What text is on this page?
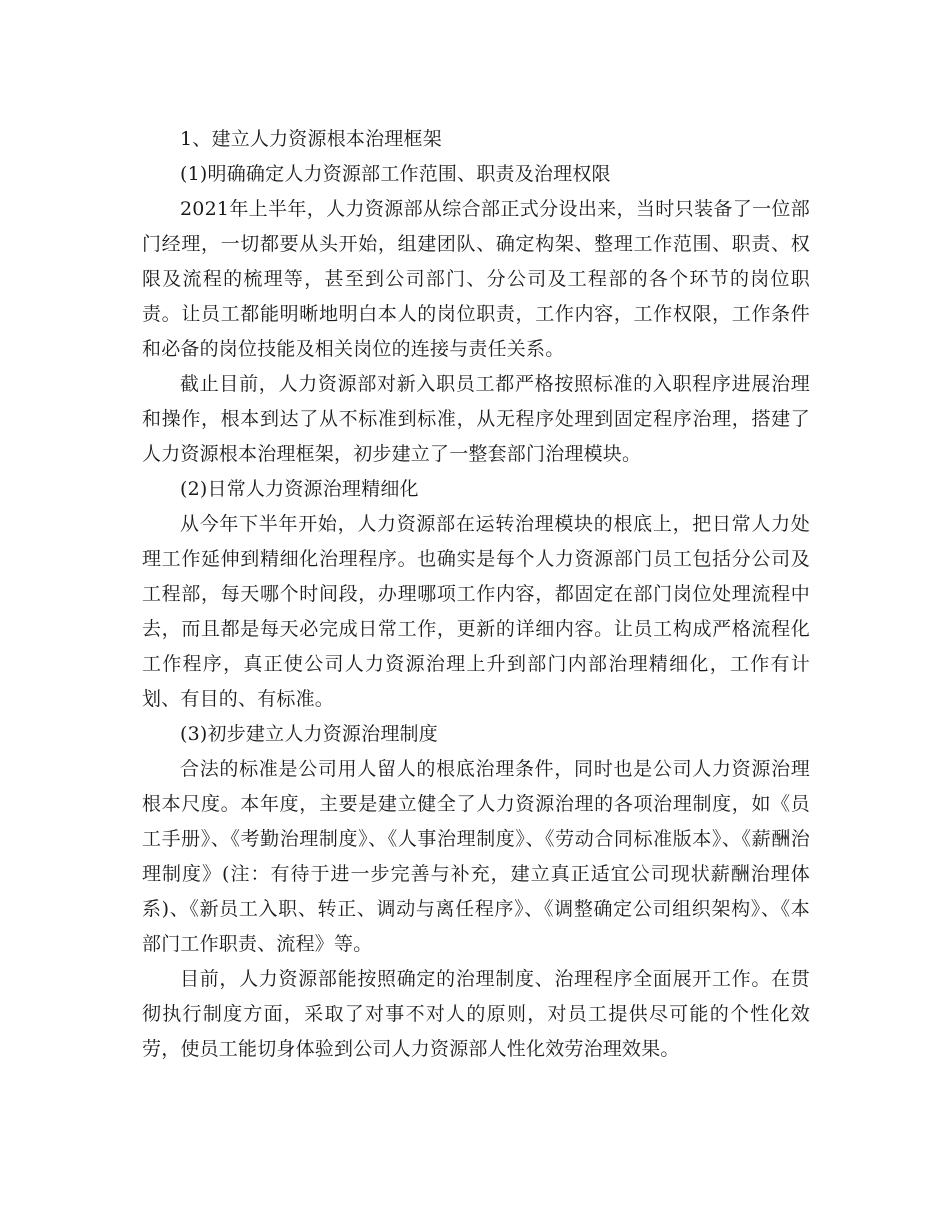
1、建立人力资源根本治理框架

(1)明确确定人力资源部工作范围、职责及治理权限

2021年上半年，人力资源部从综合部正式分设出来，当时只装备了一位部门经理，一切都要从头开始，组建团队、确定构架、整理工作范围、职责、权限及流程的梳理等，甚至到公司部门、分公司及工程部的各个环节的岗位职责。让员工都能明晰地明白本人的岗位职责，工作内容，工作权限，工作条件和必备的岗位技能及相关岗位的连接与责任关系。

截止目前，人力资源部对新入职员工都严格按照标准的入职程序进展治理和操作，根本到达了从不标准到标准，从无程序处理到固定程序治理，搭建了人力资源根本治理框架，初步建立了一整套部门治理模块。

(2)日常人力资源治理精细化

从今年下半年开始，人力资源部在运转治理模块的根底上，把日常人力处理工作延伸到精细化治理程序。也确实是每个人力资源部门员工包括分公司及工程部，每天哪个时间段，办理哪项工作内容，都固定在部门岗位处理流程中去，而且都是每天必完成日常工作，更新的详细内容。让员工构成严格流程化工作程序，真正使公司人力资源治理上升到部门内部治理精细化，工作有计划、有目的、有标准。

(3)初步建立人力资源治理制度

合法的标准是公司用人留人的根底治理条件，同时也是公司人力资源治理根本尺度。本年度，主要是建立健全了人力资源治理的各项治理制度，如《员工手册》、《考勤治理制度》、《人事治理制度》、《劳动合同标准版本》、《薪酬治理制度》(注：有待于进一步完善与补充，建立真正适宜公司现状薪酬治理体系)、《新员工入职、转正、调动与离任程序》、《调整确定公司组织架构》、《本部门工作职责、流程》等。

目前，人力资源部能按照确定的治理制度、治理程序全面展开工作。在贯彻执行制度方面，采取了对事不对人的原则，对员工提供尽可能的个性化效劳，使员工能切身体验到公司人力资源部人性化效劳治理效果。
